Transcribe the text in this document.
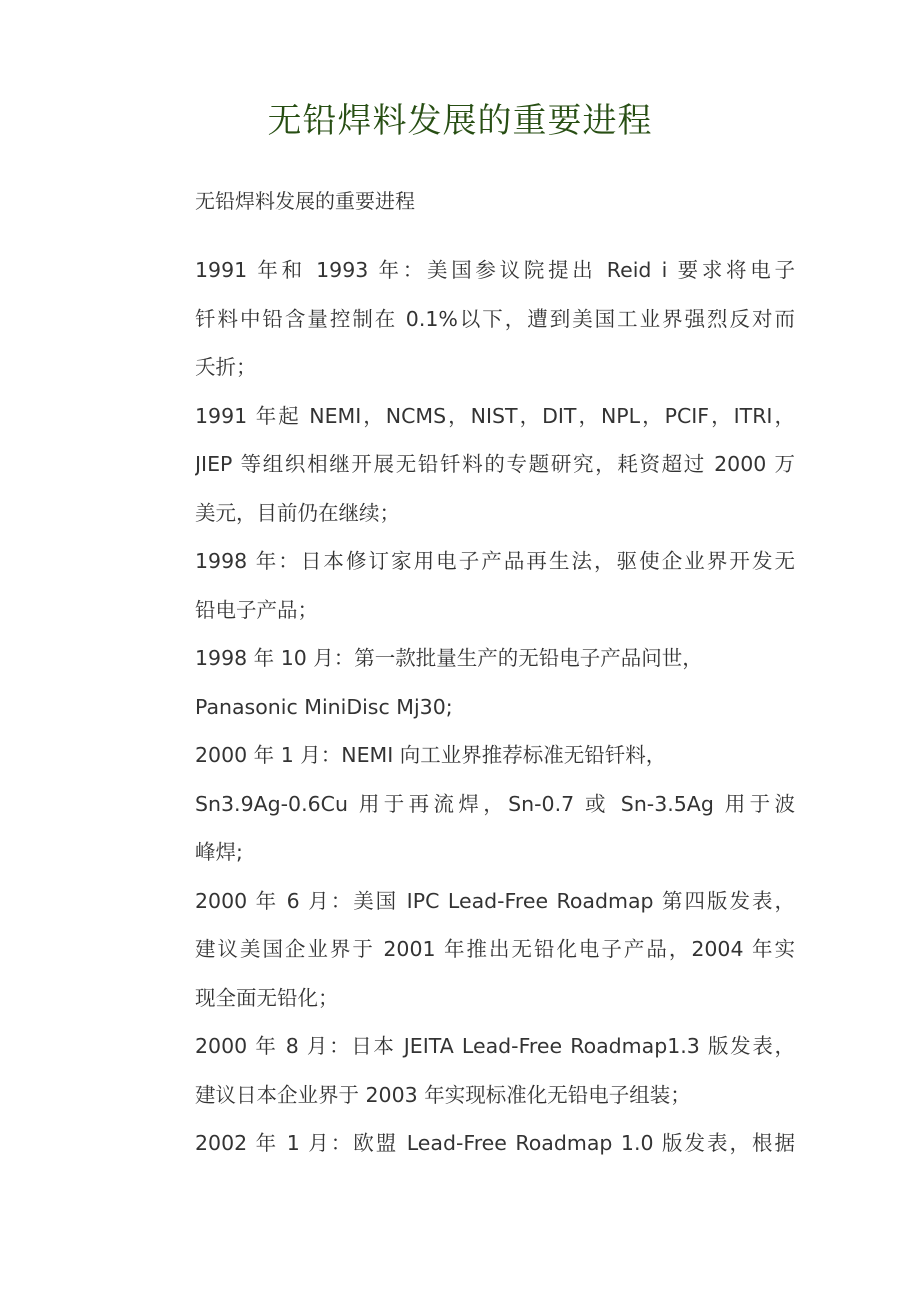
无铅焊料发展的重要进程
无铅焊料发展的重要进程
1991 年和 1993 年：美国参议院提出 Reid i 要求将电子
钎料中铅含量控制在 0.1%以下，遭到美国工业界强烈反对而
夭折；
1991 年起 NEMI，NCMS，NIST，DIT，NPL，PCIF，ITRI，
JIEP 等组织相继开展无铅钎料的专题研究，耗资超过 2000 万
美元，目前仍在继续；
1998 年：日本修订家用电子产品再生法，驱使企业界开发无
铅电子产品；
1998 年 10 月：第一款批量生产的无铅电子产品问世，
Panasonic MiniDisc Mj30;
2000 年 1 月：NEMI 向工业界推荐标准无铅钎料，
Sn3.9Ag-0.6Cu 用于再流焊，Sn-0.7 或 Sn-3.5Ag 用于波
峰焊;
2000 年 6 月：美国 IPC Lead-Free Roadmap 第四版发表，
建议美国企业界于 2001 年推出无铅化电子产品，2004 年实
现全面无铅化；
2000 年 8 月：日本 JEITA Lead-Free Roadmap1.3 版发表，
建议日本企业界于 2003 年实现标准化无铅电子组装；
2002 年 1 月：欧盟 Lead-Free Roadmap 1.0 版发表，根据
